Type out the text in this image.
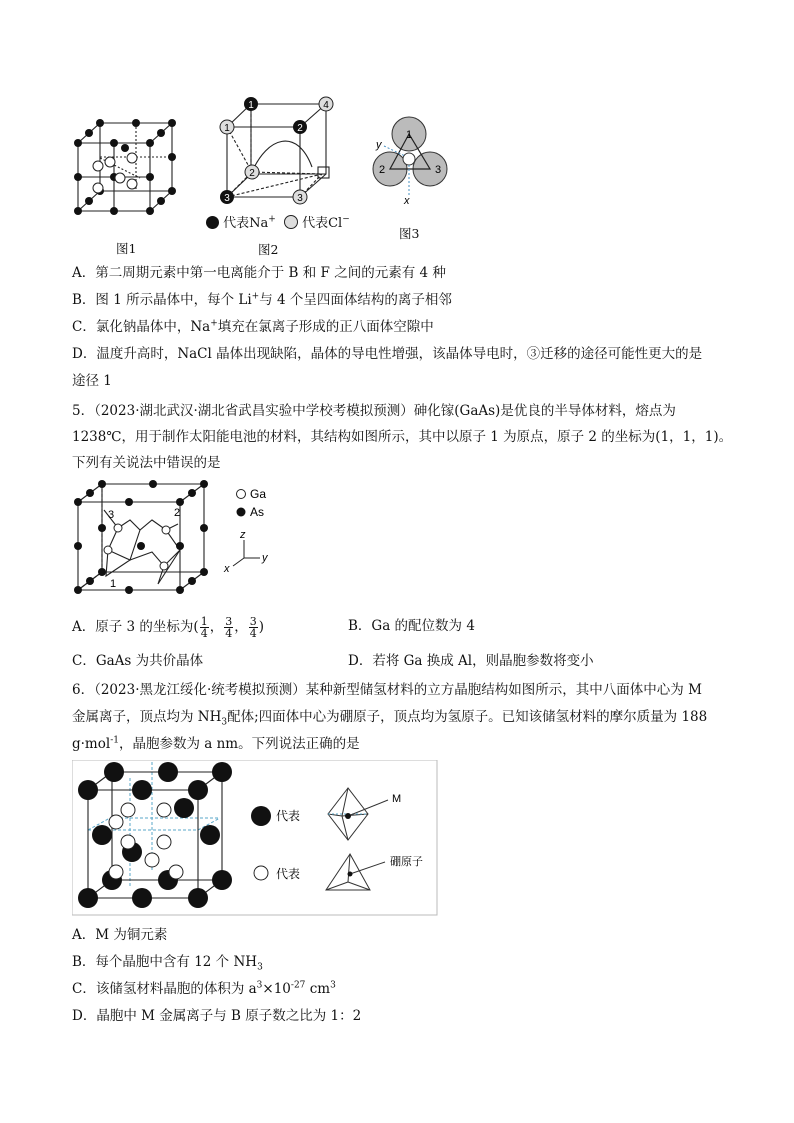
图1
1	4
1	2
2
3	3
代表Na+ 代表Cl−
图2
1
2	3
y
x
图3
A．第二周期元素中第一电离能介于 B 和 F 之间的元素有 4 种
B．图 1 所示晶体中，每个 Li+与 4 个呈四面体结构的离子相邻
C．氯化钠晶体中，Na+填充在氯离子形成的正八面体空隙中
D．温度升高时，NaCl 晶体出现缺陷，晶体的导电性增强，该晶体导电时，③迁移的途径可能性更大的是
途径 1
5．（2023·湖北武汉·湖北省武昌实验中学校考模拟预测）砷化镓(GaAs)是优良的半导体材料，熔点为
1238℃，用于制作太阳能电池的材料，其结构如图所示，其中以原子 1 为原点，原子 2 的坐标为(1，1，1)。
下列有关说法中错误的是
3	2
1
Ga
As
z
y
x
A．原子 3 的坐标为( $\frac{1}{4}$ ， $\frac{3}{4}$ ， $\frac{3}{4}$ )	B．Ga 的配位数为 4
C．GaAs 为共价晶体	D．若将 Ga 换成 Al，则晶胞参数将变小
6．（2023·黑龙江绥化·统考模拟预测）某种新型储氢材料的立方晶胞结构如图所示，其中八面体中心为 M
金属离子，顶点均为 $NH_3$配体;四面体中心为硼原子，顶点均为氢原子。已知该储氢材料的摩尔质量为 188
g·mol$^{-1}$，晶胞参数为 a nm。下列说法正确的是
代表
代表
M
硼原子
A．M 为铜元素
B．每个晶胞中含有 12 个 $NH_3$
C．该储氢材料晶胞的体积为 $a^3\times 10^{-27}$ $cm^3$
D．晶胞中 M 金属离子与 B 原子数之比为 1：2
